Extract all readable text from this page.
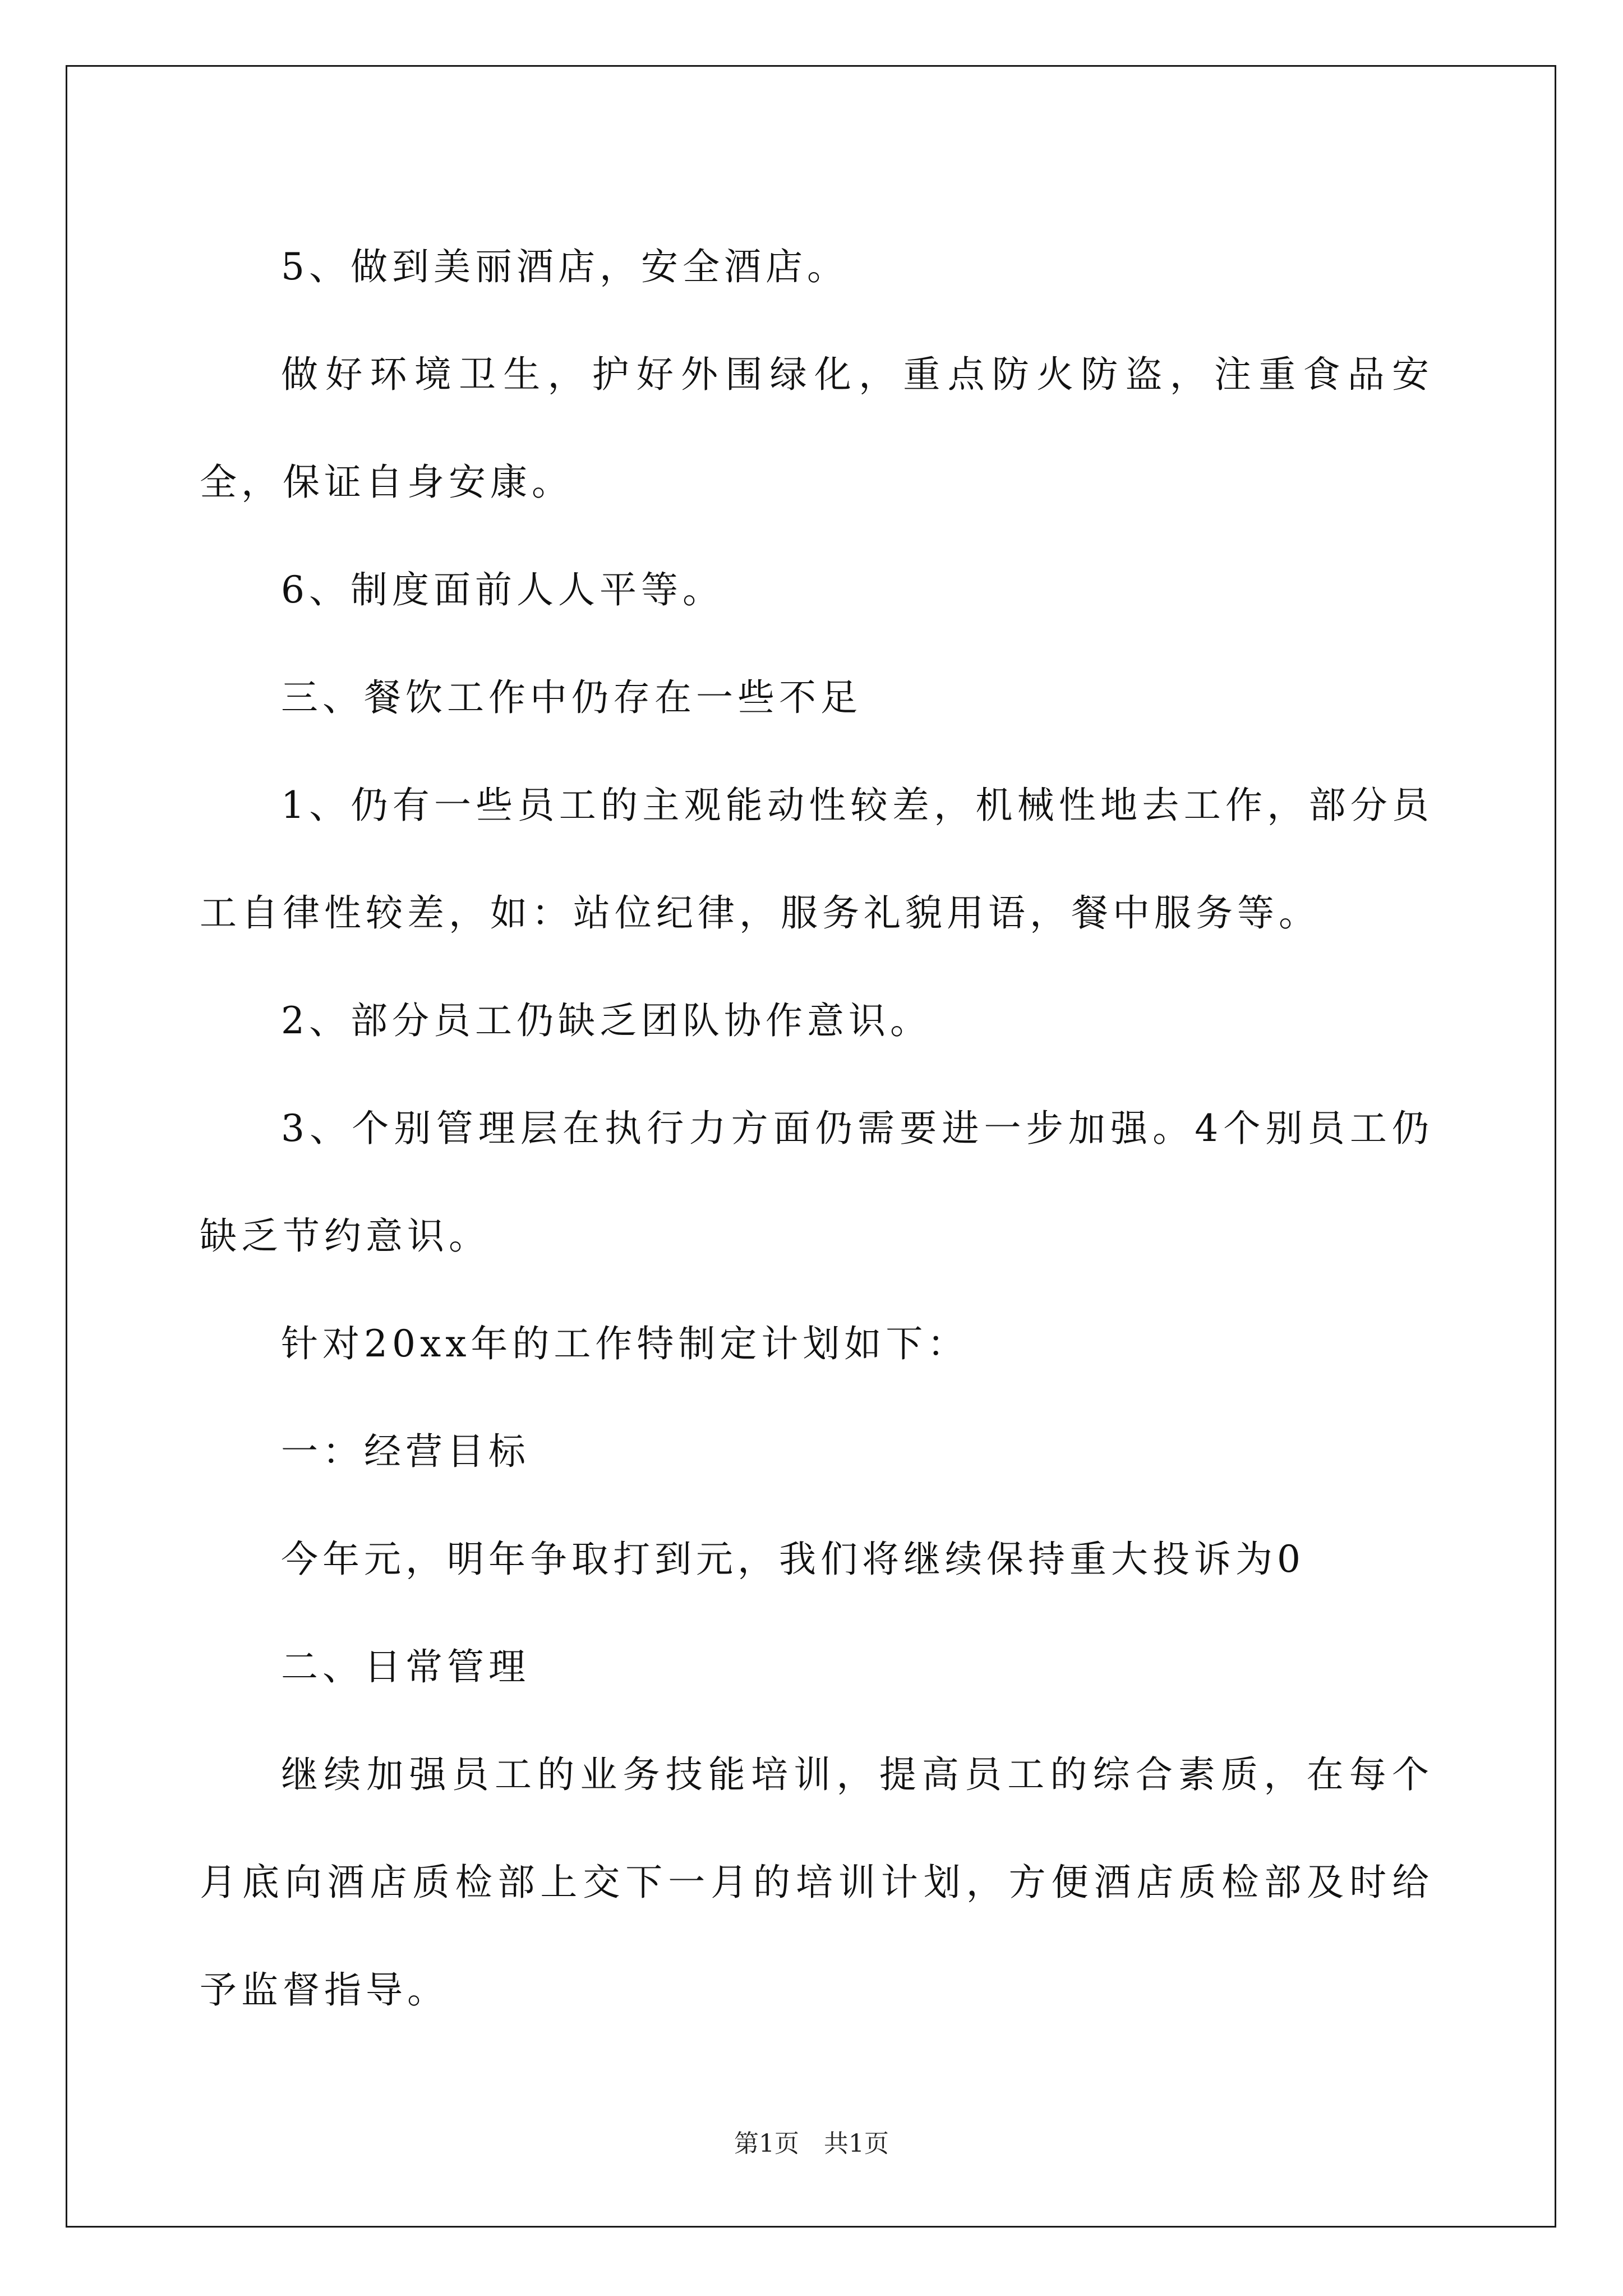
5、做到美丽酒店，安全酒店。

做好环境卫生，护好外围绿化，重点防火防盗，注重食品安全，保证自身安康。

6、制度面前人人平等。

三、餐饮工作中仍存在一些不足

1、仍有一些员工的主观能动性较差，机械性地去工作，部分员工自律性较差，如：站位纪律，服务礼貌用语，餐中服务等。

2、部分员工仍缺乏团队协作意识。

3、个别管理层在执行力方面仍需要进一步加强。4个别员工仍缺乏节约意识。

针对20xx年的工作特制定计划如下：

一：经营目标

今年元，明年争取打到元，我们将继续保持重大投诉为0

二、日常管理

继续加强员工的业务技能培训，提高员工的综合素质，在每个月底向酒店质检部上交下一月的培训计划，方便酒店质检部及时给予监督指导。

第1页　共1页
